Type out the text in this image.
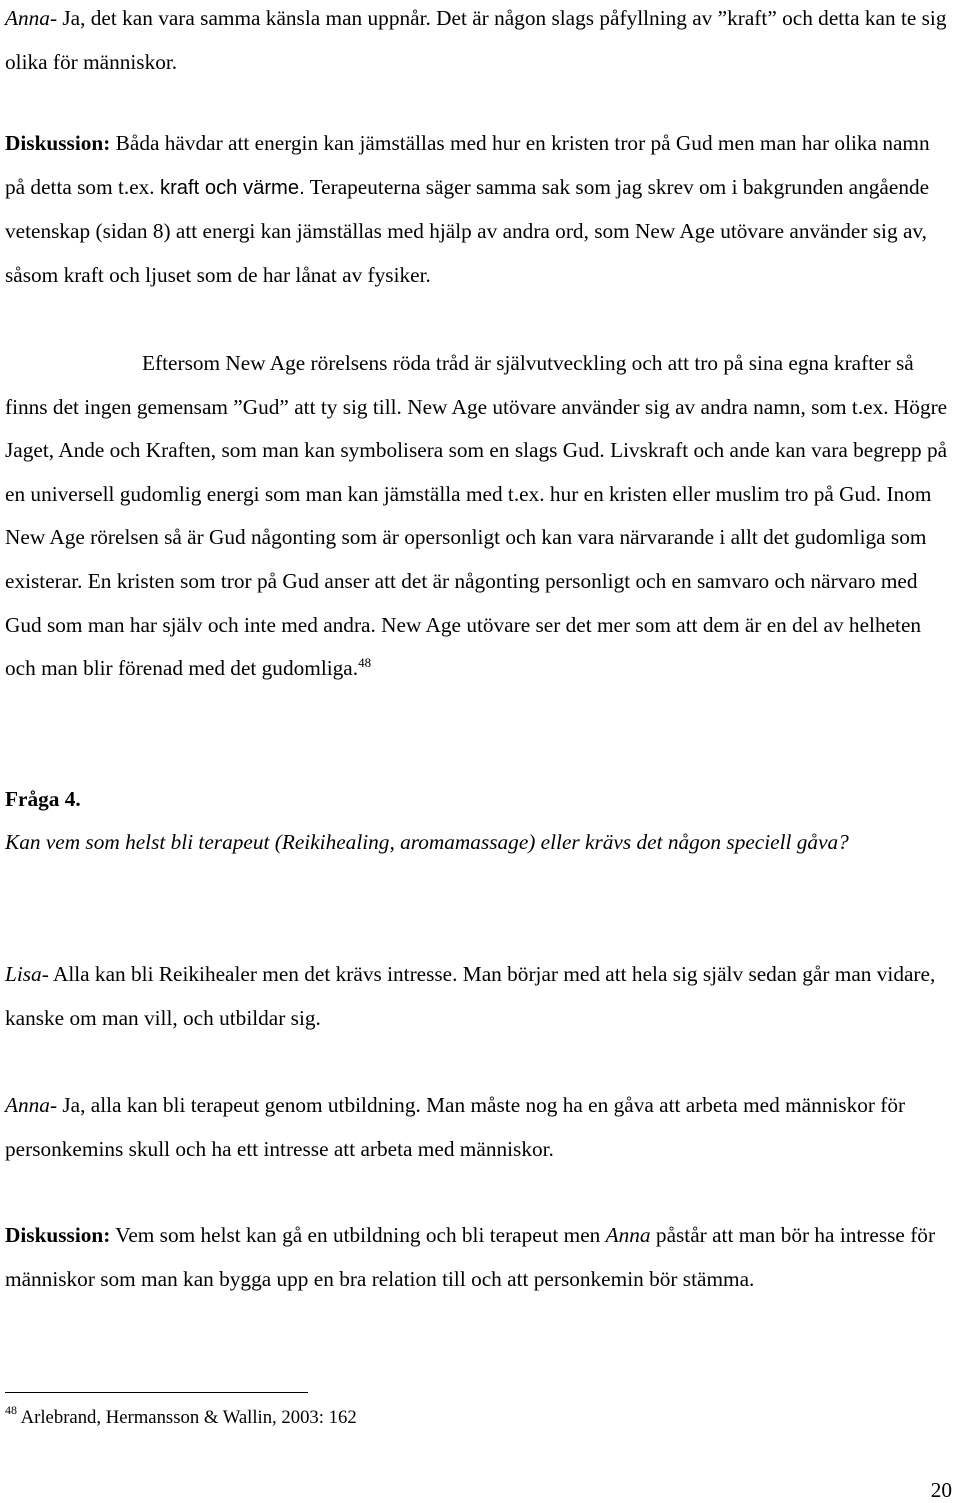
Anna- Ja, det kan vara samma känsla man uppnår. Det är någon slags påfyllning av ”kraft” och detta kan te sig olika för människor.

Diskussion: Båda hävdar att energin kan jämställas med hur en kristen tror på Gud men man har olika namn på detta som t.ex. kraft och värme. Terapeuterna säger samma sak som jag skrev om i bakgrunden angående vetenskap (sidan 8) att energi kan jämställas med hjälp av andra ord, som New Age utövare använder sig av, såsom kraft och ljuset som de har lånat av fysiker.

Eftersom New Age rörelsens röda tråd är självutveckling och att tro på sina egna krafter så finns det ingen gemensam ”Gud” att ty sig till. New Age utövare använder sig av andra namn, som t.ex. Högre Jaget, Ande och Kraften, som man kan symbolisera som en slags Gud. Livskraft och ande kan vara begrepp på en universell gudomlig energi som man kan jämställa med t.ex. hur en kristen eller muslim tro på Gud. Inom New Age rörelsen så är Gud någonting som är opersonligt och kan vara närvarande i allt det gudomliga som existerar. En kristen som tror på Gud anser att det är någonting personligt och en samvaro och närvaro med Gud som man har själv och inte med andra. New Age utövare ser det mer som att dem är en del av helheten och man blir förenad med det gudomliga.$^{48}$

Fråga 4.

Kan vem som helst bli terapeut (Reikihealing, aromamassage) eller krävs det någon speciell gåva?

Lisa- Alla kan bli Reikihealer men det krävs intresse. Man börjar med att hela sig själv sedan går man vidare, kanske om man vill, och utbildar sig.

Anna- Ja, alla kan bli terapeut genom utbildning. Man måste nog ha en gåva att arbeta med människor för personkemins skull och ha ett intresse att arbeta med människor.

Diskussion: Vem som helst kan gå en utbildning och bli terapeut men Anna påstår att man bör ha intresse för människor som man kan bygga upp en bra relation till och att personkemin bör stämma.

$^{48}$ Arlebrand, Hermansson & Wallin, 2003: 162

20
